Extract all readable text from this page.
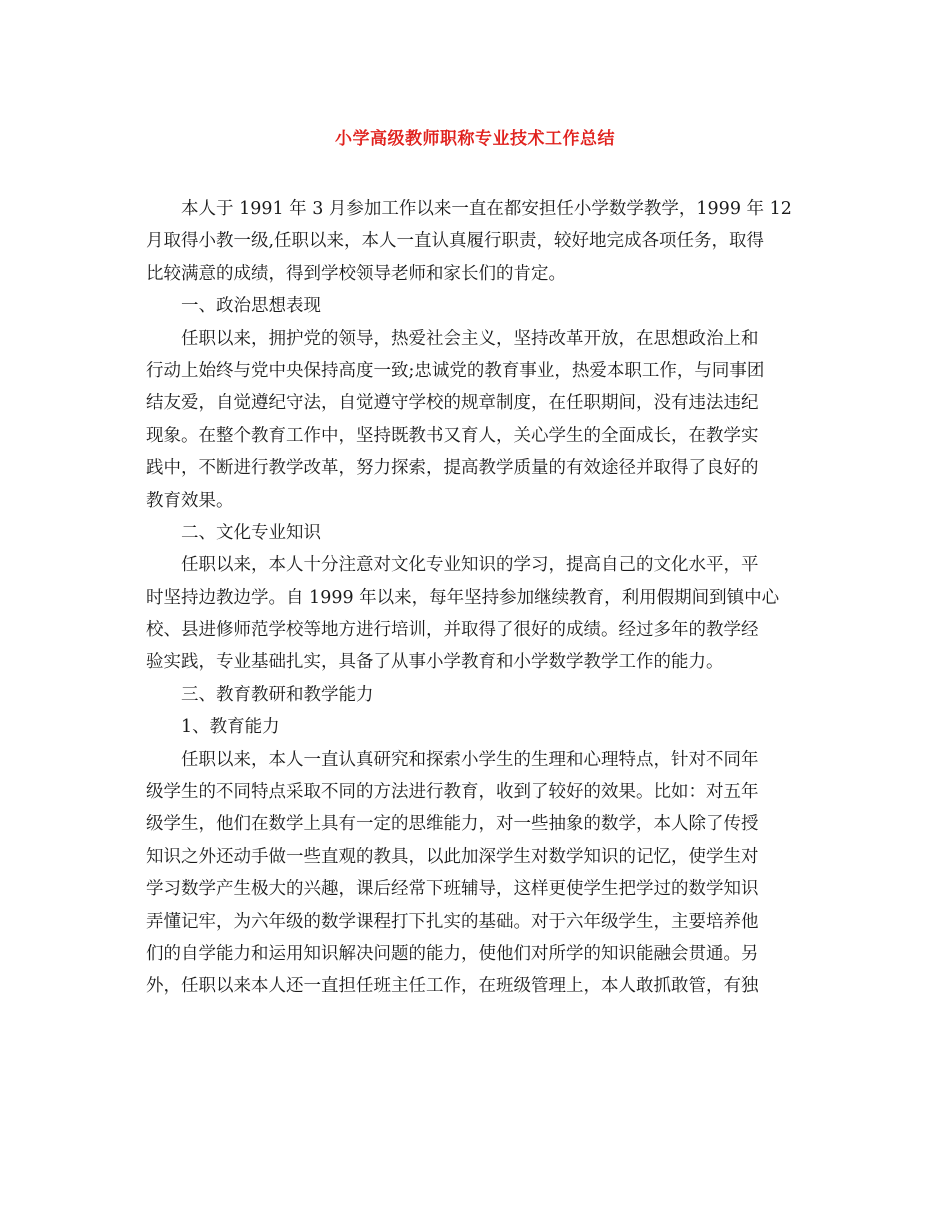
小学高级教师职称专业技术工作总结
本人于 1991 年 3 月参加工作以来一直在都安担任小学数学教学，1999 年 12
月取得小教一级,任职以来，本人一直认真履行职责，较好地完成各项任务，取得
比较满意的成绩，得到学校领导老师和家长们的肯定。
一、政治思想表现
任职以来，拥护党的领导，热爱社会主义，坚持改革开放，在思想政治上和
行动上始终与党中央保持高度一致;忠诚党的教育事业，热爱本职工作，与同事团
结友爱，自觉遵纪守法，自觉遵守学校的规章制度，在任职期间，没有违法违纪
现象。在整个教育工作中，坚持既教书又育人，关心学生的全面成长，在教学实
践中，不断进行教学改革，努力探索，提高教学质量的有效途径并取得了良好的
教育效果。
二、文化专业知识
任职以来，本人十分注意对文化专业知识的学习，提高自己的文化水平，平
时坚持边教边学。自 1999 年以来，每年坚持参加继续教育，利用假期间到镇中心
校、县进修师范学校等地方进行培训，并取得了很好的成绩。经过多年的教学经
验实践，专业基础扎实，具备了从事小学教育和小学数学教学工作的能力。
三、教育教研和教学能力
1、教育能力
任职以来，本人一直认真研究和探索小学生的生理和心理特点，针对不同年
级学生的不同特点采取不同的方法进行教育，收到了较好的效果。比如：对五年
级学生，他们在数学上具有一定的思维能力，对一些抽象的数学，本人除了传授
知识之外还动手做一些直观的教具，以此加深学生对数学知识的记忆，使学生对
学习数学产生极大的兴趣，课后经常下班辅导，这样更使学生把学过的数学知识
弄懂记牢，为六年级的数学课程打下扎实的基础。对于六年级学生，主要培养他
们的自学能力和运用知识解决问题的能力，使他们对所学的知识能融会贯通。另
外，任职以来本人还一直担任班主任工作，在班级管理上，本人敢抓敢管，有独
